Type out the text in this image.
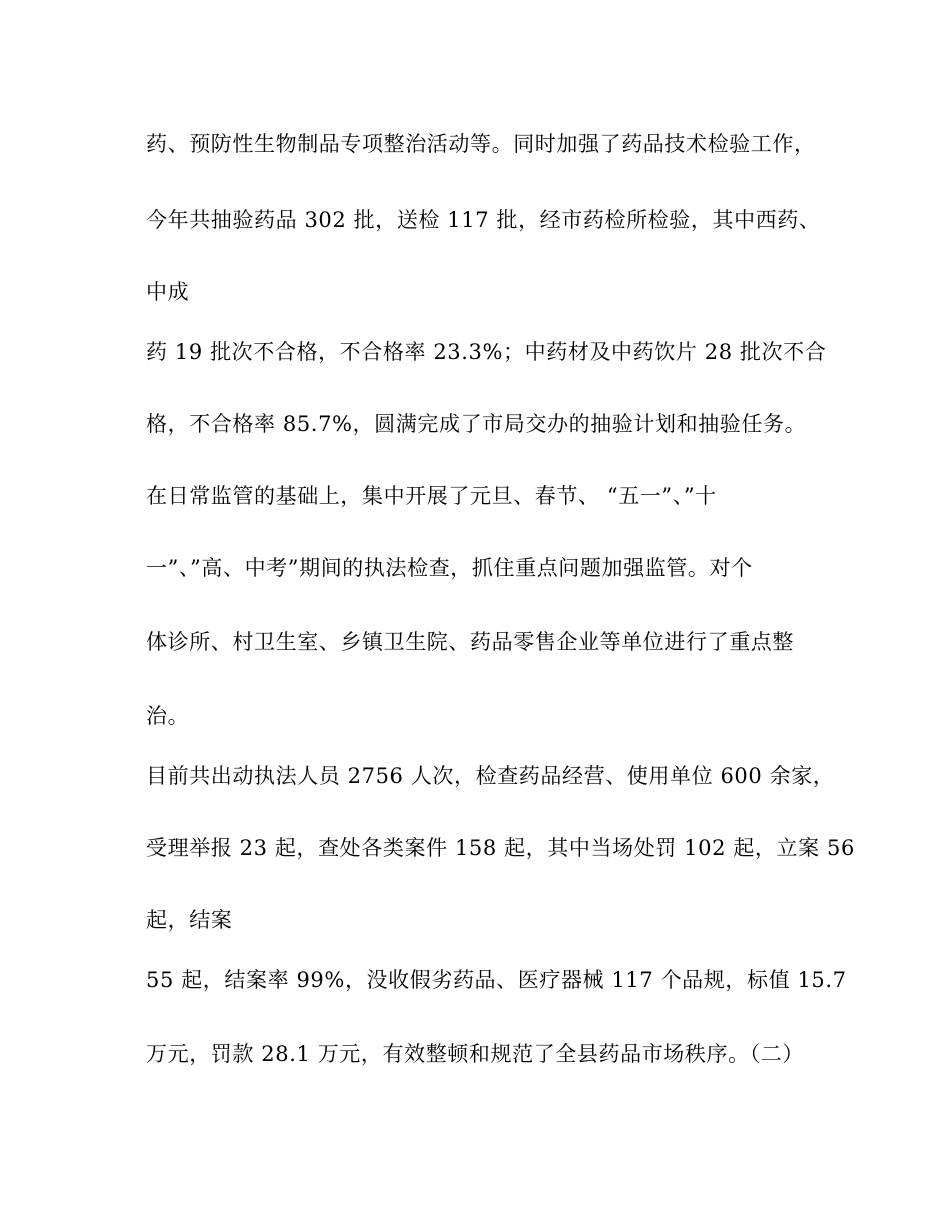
药、预防性生物制品专项整治活动等。同时加强了药品技术检验工作，
今年共抽验药品 302 批，送检 117 批，经市药检所检验，其中西药、
中成
药 19 批次不合格，不合格率 23.3%；中药材及中药饮片 28 批次不合
格，不合格率 85.7%，圆满完成了市局交办的抽验计划和抽验任务。
在日常监管的基础上，集中开展了元旦、春节、 “五一”、”十
一”、”高、中考”期间的执法检查，抓住重点问题加强监管。对个
体诊所、村卫生室、乡镇卫生院、药品零售企业等单位进行了重点整
治。
目前共出动执法人员 2756 人次，检查药品经营、使用单位 600 余家，
受理举报 23 起，查处各类案件 158 起，其中当场处罚 102 起，立案 56
起，结案
55 起，结案率 99%，没收假劣药品、医疗器械 117 个品规，标值 15.7
万元，罚款 28.1 万元，有效整顿和规范了全县药品市场秩序。（二）
